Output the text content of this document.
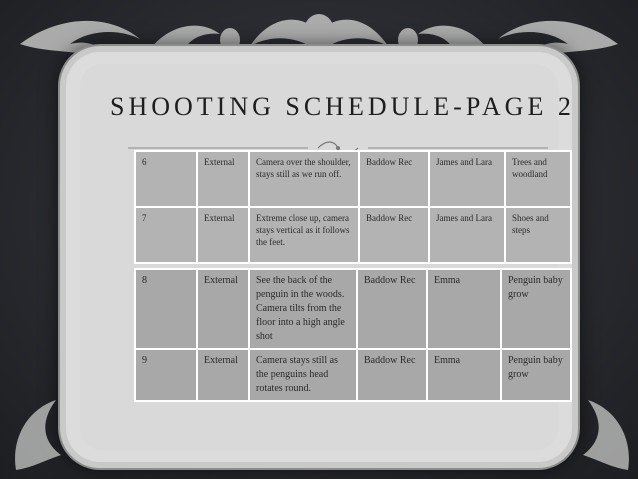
SHOOTING SCHEDULE-PAGE 2
6	External	Camera over the shoulder, stays still as we run off.	Baddow Rec	James and Lara	Trees and woodland
7	External	Extreme close up, camera stays vertical as it follows the feet.	Baddow Rec	James and Lara	Shoes and steps
8	External	See the back of the penguin in the woods. Camera tilts from the floor into a high angle shot	Baddow Rec	Emma	Penguin baby grow
9	External	Camera stays still as the penguins head rotates round.	Baddow Rec	Emma	Penguin baby grow
